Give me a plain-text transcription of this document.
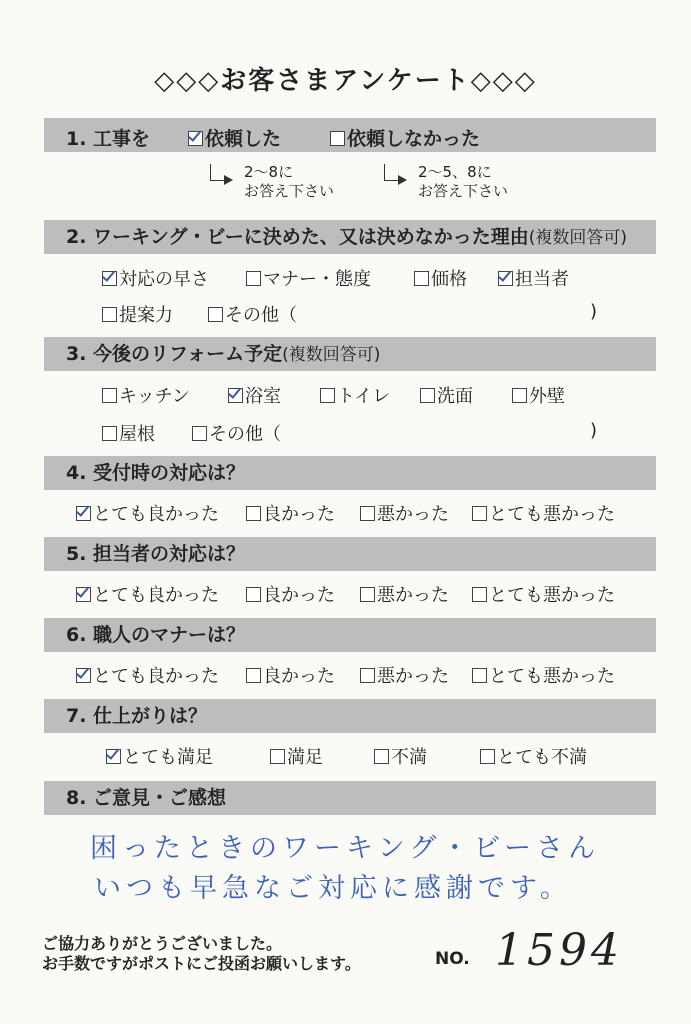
◇◇◇お客さまアンケート◇◇◇
1. 工事を	依頼した	依頼しなかった
2〜8に
お答え下さい
2〜5、8に
お答え下さい
2. ワーキング・ビーに決めた、又は決めなかった理由(複数回答可)
対応の早さ	マナー・態度	価格	担当者
提案力	その他（	)
3. 今後のリフォーム予定(複数回答可)
キッチン	浴室	トイレ	洗面	外壁
屋根	その他（	)
4. 受付時の対応は？
とても良かった	良かった	悪かった	とても悪かった
5. 担当者の対応は？
とても良かった	良かった	悪かった	とても悪かった
6. 職人のマナーは？
とても良かった	良かった	悪かった	とても悪かった
7. 仕上がりは？
とても満足	満足	不満	とても不満
8. ご意見・ご感想
困ったときのワーキング・ビーさん
いつも早急なご対応に感謝です。
ご協力ありがとうございました。
お手数ですがポストにご投函お願いします。	NO. 1594
